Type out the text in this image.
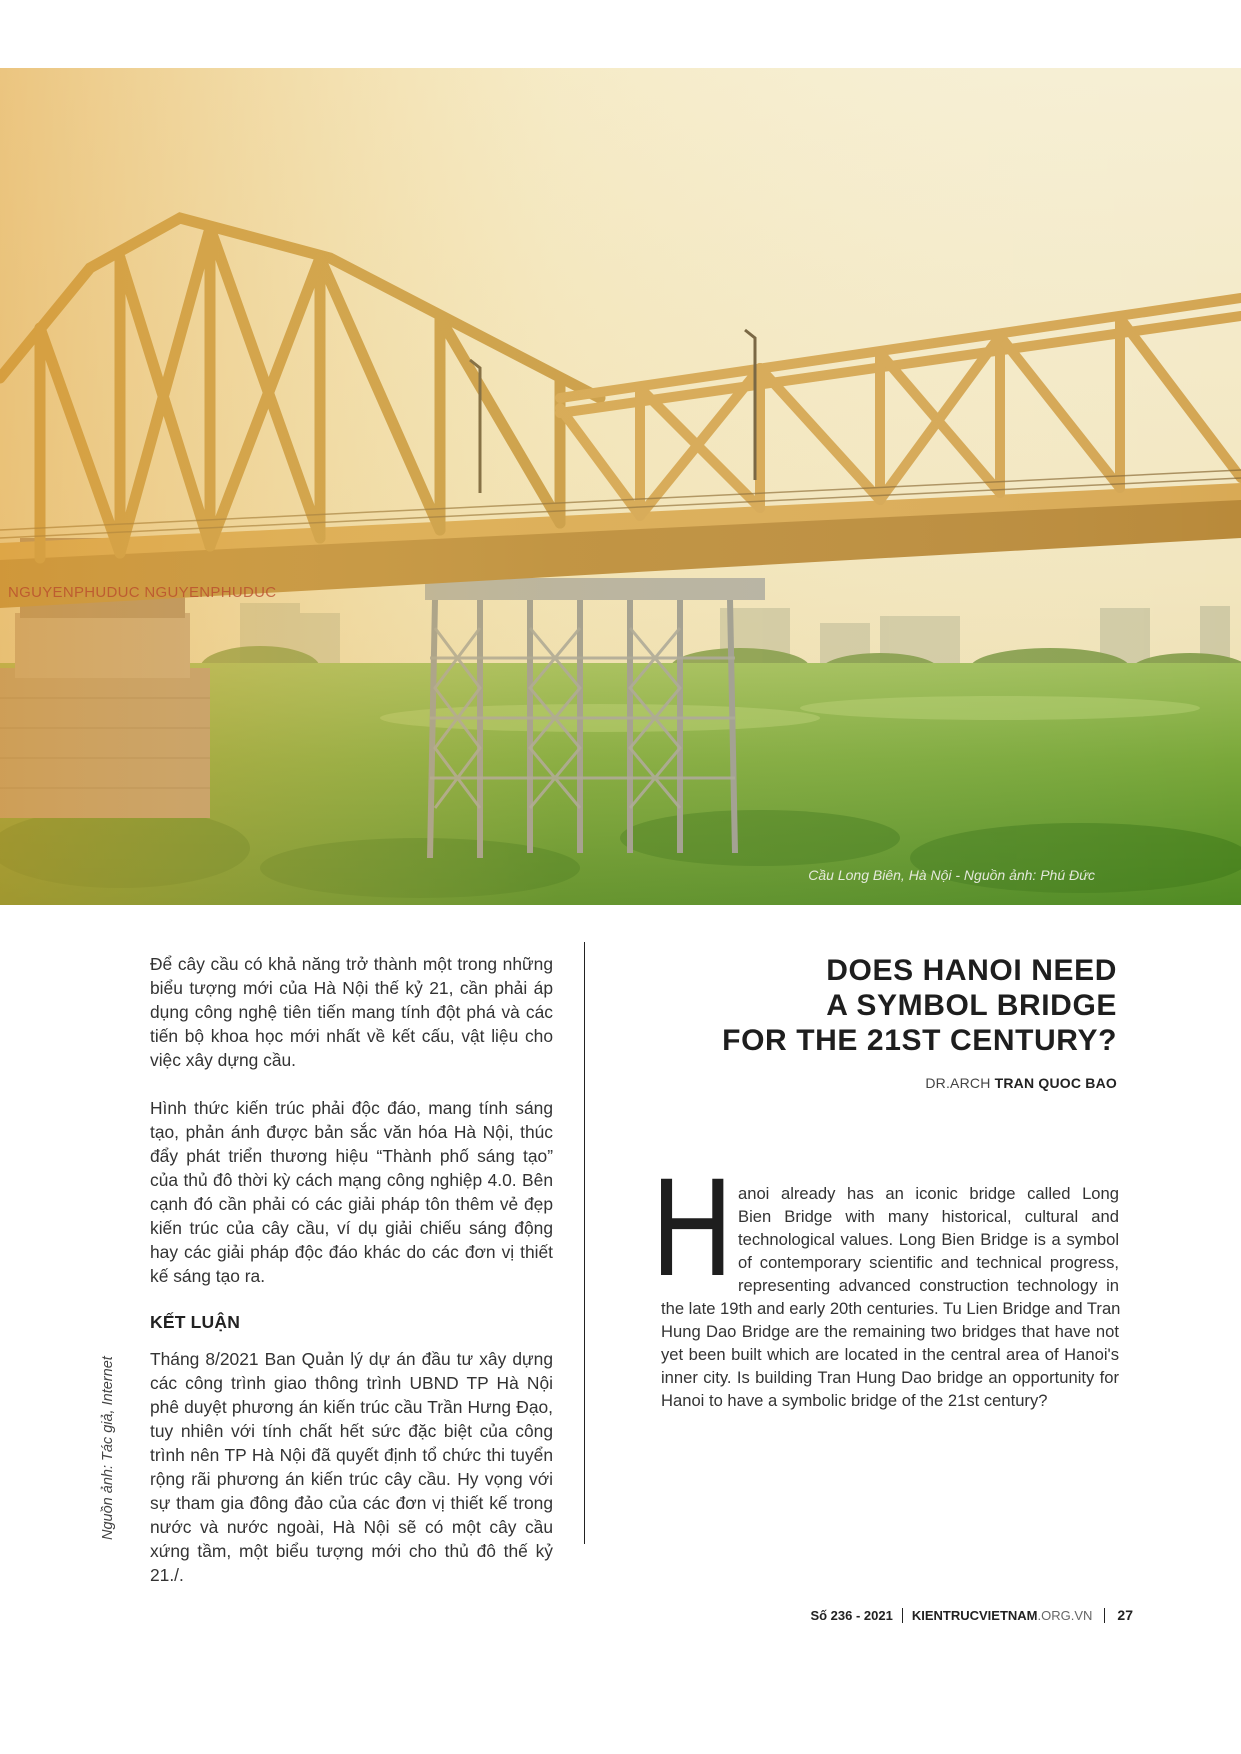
NGUYENPHUDUC NGUYENPHUDUC
Cầu Long Biên, Hà Nội - Nguồn ảnh: Phú Đức

Để cây cầu có khả năng trở thành một trong những biểu tượng mới của Hà Nội thế kỷ 21, cần phải áp dụng công nghệ tiên tiến mang tính đột phá và các tiến bộ khoa học mới nhất về kết cấu, vật liệu cho việc xây dựng cầu.

Hình thức kiến trúc phải độc đáo, mang tính sáng tạo, phản ánh được bản sắc văn hóa Hà Nội, thúc đẩy phát triển thương hiệu “Thành phố sáng tạo” của thủ đô thời kỳ cách mạng công nghiệp 4.0. Bên cạnh đó cần phải có các giải pháp tôn thêm vẻ đẹp kiến trúc của cây cầu, ví dụ giải chiếu sáng động hay các giải pháp độc đáo khác do các đơn vị thiết kế sáng tạo ra.

KẾT LUẬN

Tháng 8/2021 Ban Quản lý dự án đầu tư xây dựng các công trình giao thông trình UBND TP Hà Nội phê duyệt phương án kiến trúc cầu Trần Hưng Đạo, tuy nhiên với tính chất hết sức đặc biệt của công trình nên TP Hà Nội đã quyết định tổ chức thi tuyển rộng rãi phương án kiến trúc cây cầu. Hy vọng với sự tham gia đông đảo của các đơn vị thiết kế trong nước và nước ngoài, Hà Nội sẽ có một cây cầu xứng tầm, một biểu tượng mới cho thủ đô thế kỷ 21./.

Nguồn ảnh: Tác giả, Internet
DOES HANOI NEED
A SYMBOL BRIDGE
FOR THE 21ST CENTURY?
DR.ARCH TRAN QUOC BAO
H anoi already has an iconic bridge called Long
Bien Bridge with many historical, cultural and
technological values. Long Bien Bridge is a symbol
of contemporary scientific and technical progress,
representing advanced construction technology in
the late 19th and early 20th centuries. Tu Lien Bridge and Tran
Hung Dao Bridge are the remaining two bridges that have not
yet been built which are located in the central area of Hanoi's
inner city. Is building Tran Hung Dao bridge an opportunity for
Hanoi to have a symbolic bridge of the 21st century?
Số 236 - 2021	KIENTRUCVIETNAM.ORG.VN	27
